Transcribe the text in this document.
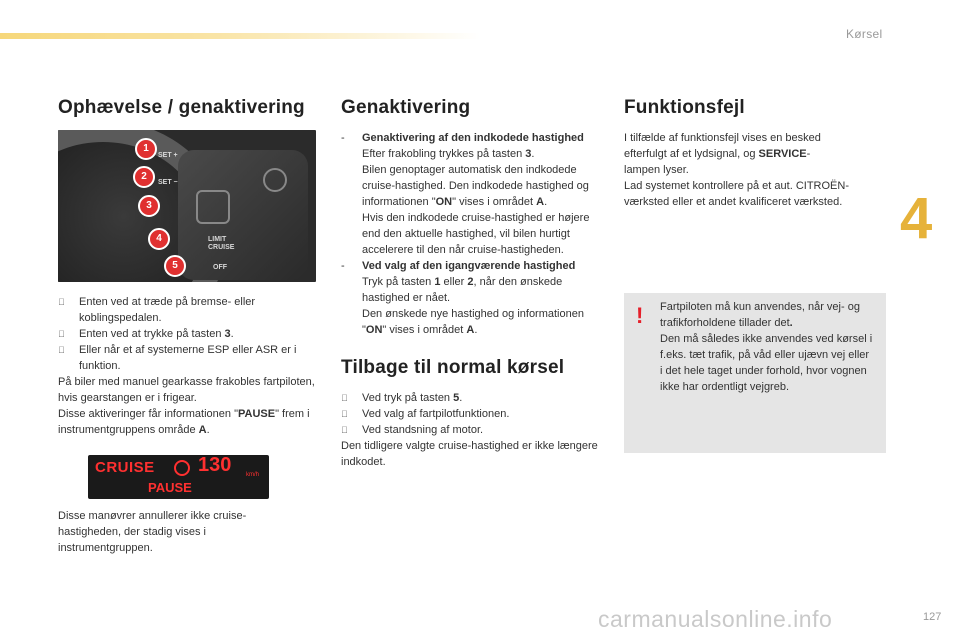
Kørsel
4
Ophævelse / genaktivering
SET +
SET −
LIMIT CRUISE
OFF
1
2
3
4
5
Enten ved at træde på bremse- eller koblingspedalen.
Enten ved at trykke på tasten 3.
Eller når et af systemerne ESP eller ASR er i funktion.

På biler med manuel gearkasse frakobles fartpiloten, hvis gearstangen er i frigear.

Disse aktiveringer får informationen "PAUSE" frem i instrumentgruppens område A.

CRUISE 130 km/h
PAUSE

Disse manøvrer annullerer ikke cruise-hastigheden, der stadig vises i instrumentgruppen.

Genaktivering
- Genaktivering af den indkodede hastighed
Efter frakobling trykkes på tasten 3.
Bilen genoptager automatisk den indkodede cruise-hastighed. Den indkodede hastighed og informationen "ON" vises i området A.
Hvis den indkodede cruise-hastighed er højere end den aktuelle hastighed, vil bilen hurtigt accelerere til den når cruise-hastigheden.
- Ved valg af den igangværende hastighed
Tryk på tasten 1 eller 2, når den ønskede hastighed er nået.
Den ønskede nye hastighed og informationen "ON" vises i området A.
Tilbage til normal kørsel
Ved tryk på tasten 5.
Ved valg af fartpilotfunktionen.
Ved standsning af motor.

Den tidligere valgte cruise-hastighed er ikke længere indkodet.

Funktionsfejl

I tilfælde af funktionsfejl vises en besked efterfulgt af et lydsignal, og SERVICE-lampen lyser.

Lad systemet kontrollere på et aut. CITROËN-værksted eller et andet kvalificeret værksted.

! Fartpiloten må kun anvendes, når vej- og trafikforholdene tillader det.
Den må således ikke anvendes ved kørsel i f.eks. tæt trafik, på våd eller ujævn vej eller i det hele taget under forhold, hvor vognen ikke har ordentligt vejgreb.
carmanualsonline.info	127
